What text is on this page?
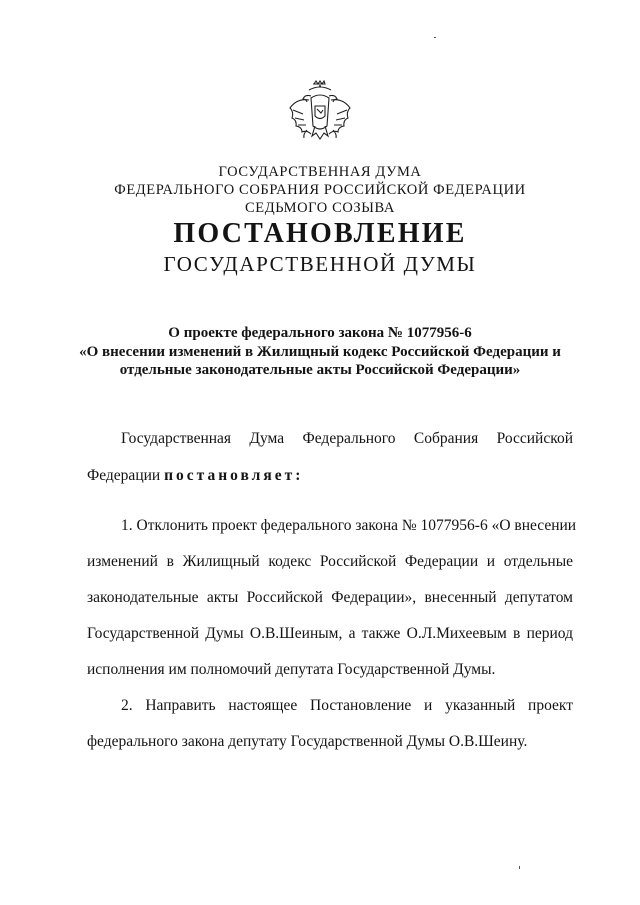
ГОСУДАРСТВЕННАЯ ДУМА
ФЕДЕРАЛЬНОГО СОБРАНИЯ РОССИЙСКОЙ ФЕДЕРАЦИИ
СЕДЬМОГО СОЗЫВА
ПОСТАНОВЛЕНИЕ
ГОСУДАРСТВЕННОЙ ДУМЫ
О проекте федерального закона № 1077956-6
«О внесении изменений в Жилищный кодекс Российской Федерации и
отдельные законодательные акты Российской Федерации»
Государственная Дума Федерального Собрания Российской
Федерации постановляет:
1. Отклонить проект федерального закона № 1077956-6 «О внесении
изменений в Жилищный кодекс Российской Федерации и отдельные
законодательные акты Российской Федерации», внесенный депутатом
Государственной Думы О.В.Шеиным, а также О.Л.Михеевым в период
исполнения им полномочий депутата Государственной Думы.
2. Направить настоящее Постановление и указанный проект
федерального закона депутату Государственной Думы О.В.Шеину.
